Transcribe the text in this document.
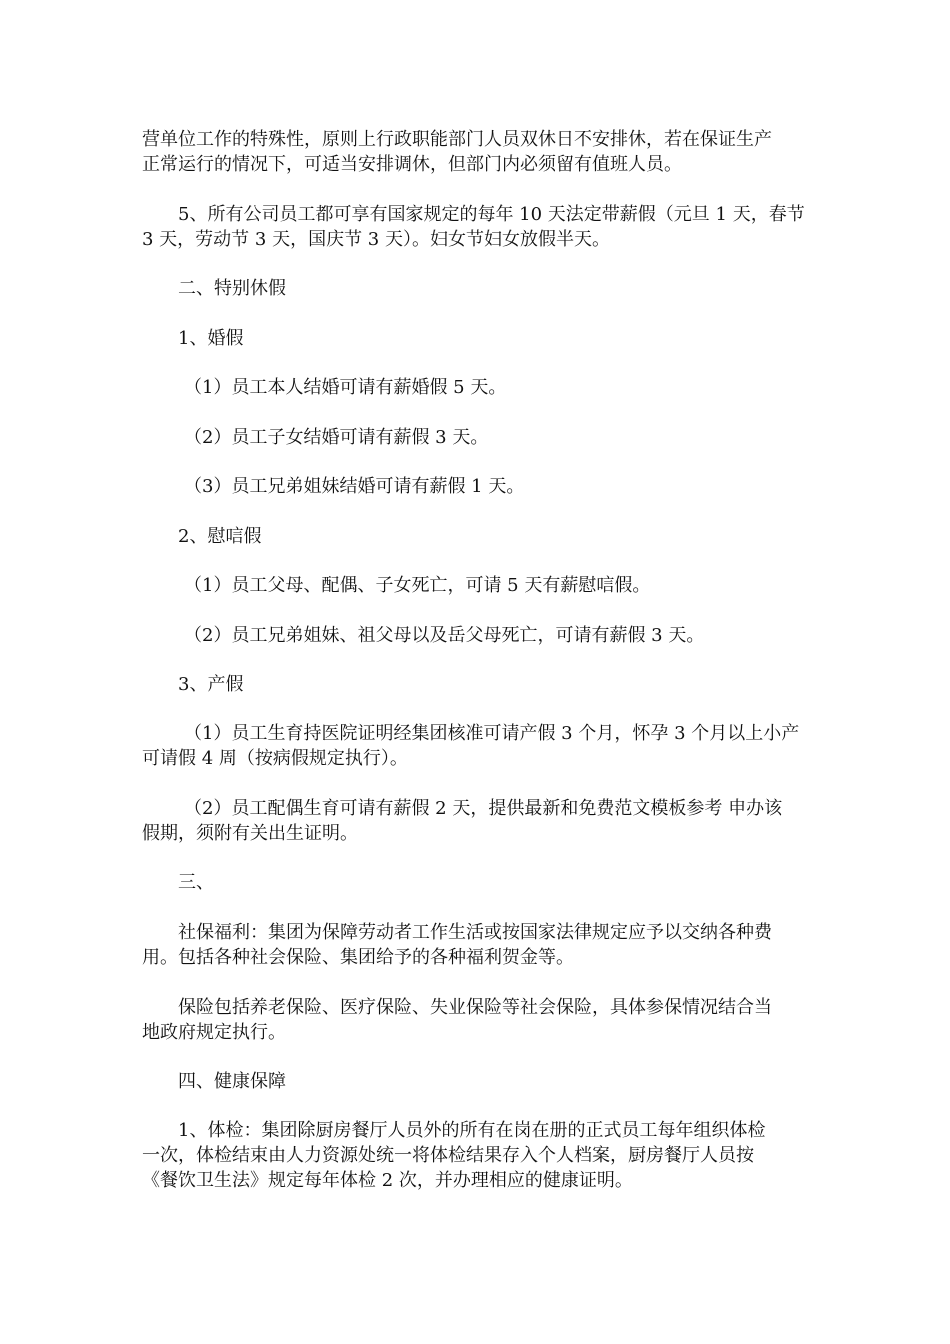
营单位工作的特殊性，原则上行政职能部门人员双休日不安排休，若在保证生产
正常运行的情况下，可适当安排调休，但部门内必须留有值班人员。
5、所有公司员工都可享有国家规定的每年 10 天法定带薪假（元旦 1 天，春节
3 天，劳动节 3 天，国庆节 3 天）。妇女节妇女放假半天。
二、特别休假
1、婚假
（1）员工本人结婚可请有薪婚假 5 天。
（2）员工子女结婚可请有薪假 3 天。
（3）员工兄弟姐妹结婚可请有薪假 1 天。
2、慰唁假
（1）员工父母、配偶、子女死亡，可请 5 天有薪慰唁假。
（2）员工兄弟姐妹、祖父母以及岳父母死亡，可请有薪假 3 天。
3、产假
（1）员工生育持医院证明经集团核准可请产假 3 个月，怀孕 3 个月以上小产
可请假 4 周（按病假规定执行）。
（2）员工配偶生育可请有薪假 2 天，提供最新和免费范文模板参考 申办该
假期，须附有关出生证明。
三、
社保福利：集团为保障劳动者工作生活或按国家法律规定应予以交纳各种费
用。包括各种社会保险、集团给予的各种福利贺金等。
保险包括养老保险、医疗保险、失业保险等社会保险，具体参保情况结合当
地政府规定执行。
四、健康保障
1、体检：集团除厨房餐厅人员外的所有在岗在册的正式员工每年组织体检
一次，体检结束由人力资源处统一将体检结果存入个人档案，厨房餐厅人员按
《餐饮卫生法》规定每年体检 2 次，并办理相应的健康证明。
